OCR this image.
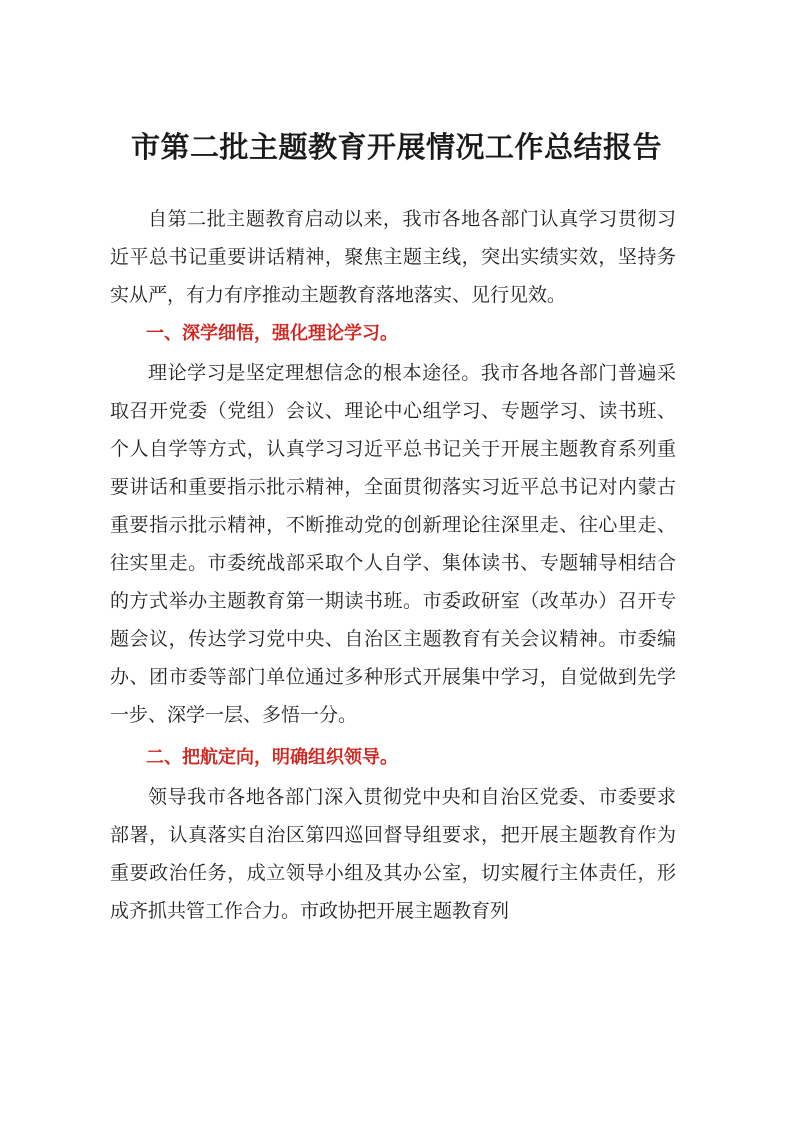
市第二批主题教育开展情况工作总结报告

自第二批主题教育启动以来，我市各地各部门认真学习贯彻习近平总书记重要讲话精神，聚焦主题主线，突出实绩实效，坚持务实从严，有力有序推动主题教育落地落实、见行见效。

一、深学细悟，强化理论学习。

理论学习是坚定理想信念的根本途径。我市各地各部门普遍采取召开党委（党组）会议、理论中心组学习、专题学习、读书班、个人自学等方式，认真学习习近平总书记关于开展主题教育系列重要讲话和重要指示批示精神，全面贯彻落实习近平总书记对内蒙古重要指示批示精神，不断推动党的创新理论往深里走、往心里走、往实里走。市委统战部采取个人自学、集体读书、专题辅导相结合的方式举办主题教育第一期读书班。市委政研室（改革办）召开专题会议，传达学习党中央、自治区主题教育有关会议精神。市委编办、团市委等部门单位通过多种形式开展集中学习，自觉做到先学一步、深学一层、多悟一分。

二、把航定向，明确组织领导。

领导我市各地各部门深入贯彻党中央和自治区党委、市委要求部署，认真落实自治区第四巡回督导组要求，把开展主题教育作为重要政治任务，成立领导小组及其办公室，切实履行主体责任，形成齐抓共管工作合力。市政协把开展主题教育列
